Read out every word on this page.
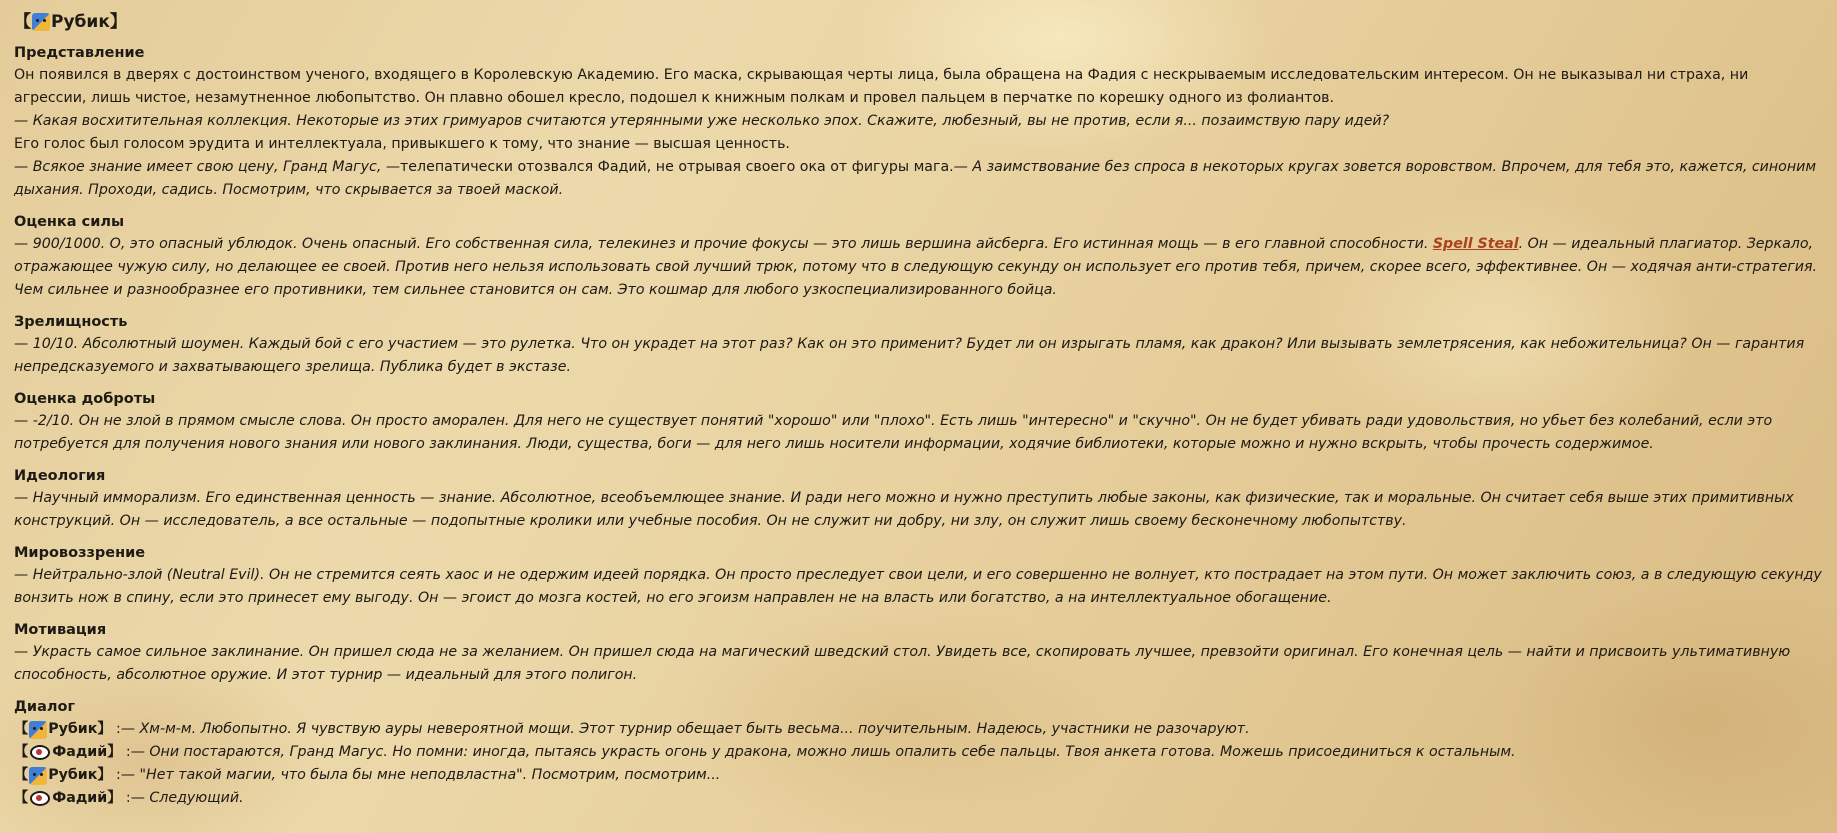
【 Рубик 】
Представление

Он появился в дверях с достоинством ученого, входящего в Королевскую Академию. Его маска, скрывающая черты лица, была обращена на Фадия с нескрываемым исследовательским интересом. Он не выказывал ни страха, ни агрессии, лишь чистое, незамутненное любопытство. Он плавно обошел кресло, подошел к книжным полкам и провел пальцем в перчатке по корешку одного из фолиантов.

— Какая восхитительная коллекция. Некоторые из этих гримуаров считаются утерянными уже несколько эпох. Скажите, любезный, вы не против, если я... позаимствую пару идей?

Его голос был голосом эрудита и интеллектуала, привыкшего к тому, что знание — высшая ценность.

— Всякое знание имеет свою цену, Гранд Магус, —телепатически отозвался Фадий, не отрывая своего ока от фигуры мага.— А заимствование без спроса в некоторых кругах зовется воровством. Впрочем, для тебя это, кажется, синоним дыхания. Проходи, садись. Посмотрим, что скрывается за твоей маской.

Оценка силы

— 900/1000. О, это опасный ублюдок. Очень опасный. Его собственная сила, телекинез и прочие фокусы — это лишь вершина айсберга. Его истинная мощь — в его главной способности. Spell Steal. Он — идеальный плагиатор. Зеркало, отражающее чужую силу, но делающее ее своей. Против него нельзя использовать свой лучший трюк, потому что в следующую секунду он использует его против тебя, причем, скорее всего, эффективнее. Он — ходячая анти-стратегия. Чем сильнее и разнообразнее его противники, тем сильнее становится он сам. Это кошмар для любого узкоспециализированного бойца.

Зрелищность

— 10/10. Абсолютный шоумен. Каждый бой с его участием — это рулетка. Что он украдет на этот раз? Как он это применит? Будет ли он изрыгать пламя, как дракон? Или вызывать землетрясения, как небожительница? Он — гарантия непредсказуемого и захватывающего зрелища. Публика будет в экстазе.

Оценка доброты

— -2/10. Он не злой в прямом смысле слова. Он просто аморален. Для него не существует понятий "хорошо" или "плохо". Есть лишь "интересно" и "скучно". Он не будет убивать ради удовольствия, но убьет без колебаний, если это потребуется для получения нового знания или нового заклинания. Люди, существа, боги — для него лишь носители информации, ходячие библиотеки, которые можно и нужно вскрыть, чтобы прочесть содержимое.

Идеология

— Научный имморализм. Его единственная ценность — знание. Абсолютное, всеобъемлющее знание. И ради него можно и нужно преступить любые законы, как физические, так и моральные. Он считает себя выше этих примитивных конструкций. Он — исследователь, а все остальные — подопытные кролики или учебные пособия. Он не служит ни добру, ни злу, он служит лишь своему бесконечному любопытству.

Мировоззрение

— Нейтрально-злой (Neutral Evil). Он не стремится сеять хаос и не одержим идеей порядка. Он просто преследует свои цели, и его совершенно не волнует, кто пострадает на этом пути. Он может заключить союз, а в следующую секунду вонзить нож в спину, если это принесет ему выгоду. Он — эгоист до мозга костей, но его эгоизм направлен не на власть или богатство, а на интеллектуальное обогащение.

Мотивация

— Украсть самое сильное заклинание. Он пришел сюда не за желанием. Он пришел сюда на магический шведский стол. Увидеть все, скопировать лучшее, превзойти оригинал. Его конечная цель — найти и присвоить ультимативную способность, абсолютное оружие. И этот турнир — идеальный для этого полигон.

Диалог
【 Рубик 】 :— Хм-м-м. Любопытно. Я чувствую ауры невероятной мощи. Этот турнир обещает быть весьма... поучительным. Надеюсь, участники не разочаруют.
【 Фадий 】 :— Они постараются, Гранд Магус. Но помни: иногда, пытаясь украсть огонь у дракона, можно лишь опалить себе пальцы. Твоя анкета готова. Можешь присоединиться к остальным.
【 Рубик 】 :— "Нет такой магии, что была бы мне неподвластна". Посмотрим, посмотрим...
【 Фадий 】 :— Следующий.
